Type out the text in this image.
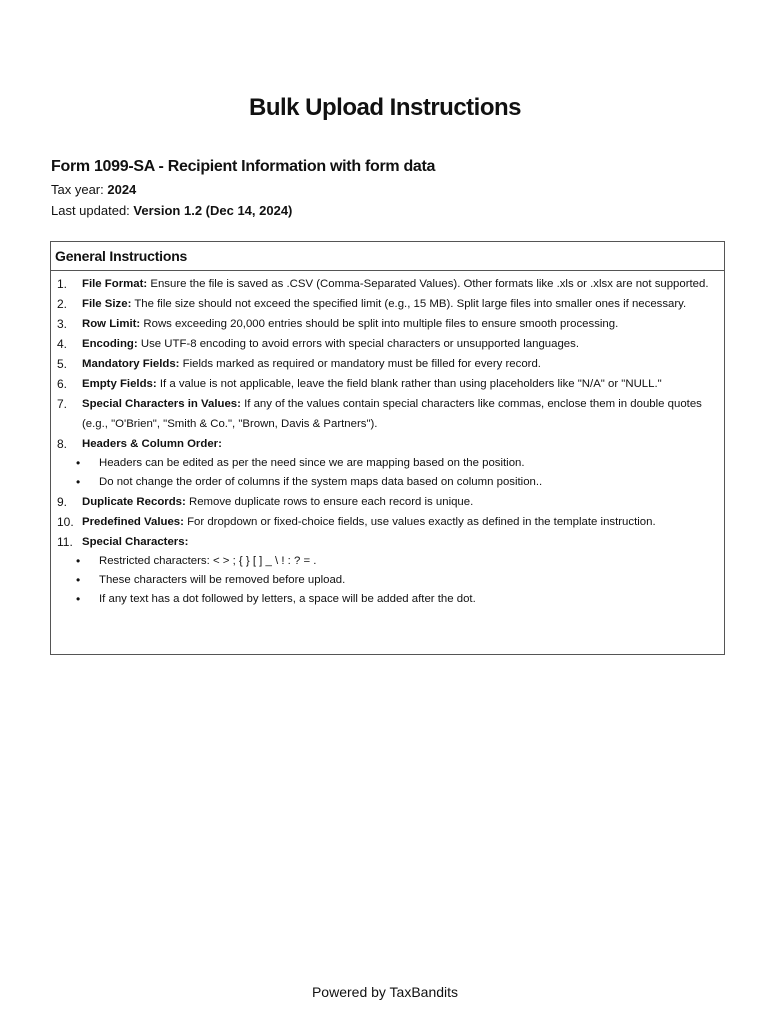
Bulk Upload Instructions
Form 1099-SA - Recipient Information with form data
Tax year: 2024
Last updated: Version 1.2 (Dec 14, 2024)
General Instructions
1. File Format: Ensure the file is saved as .CSV (Comma-Separated Values). Other formats like .xls or .xlsx are not supported.
2. File Size: The file size should not exceed the specified limit (e.g., 15 MB). Split large files into smaller ones if necessary.
3. Row Limit: Rows exceeding 20,000 entries should be split into multiple files to ensure smooth processing.
4. Encoding: Use UTF-8 encoding to avoid errors with special characters or unsupported languages.
5. Mandatory Fields: Fields marked as required or mandatory must be filled for every record.
6. Empty Fields: If a value is not applicable, leave the field blank rather than using placeholders like "N/A" or "NULL."
7. Special Characters in Values: If any of the values contain special characters like commas, enclose them in double quotes (e.g., "O'Brien", "Smith & Co.", "Brown, Davis & Partners").
8. Headers & Column Order:
• Headers can be edited as per the need since we are mapping based on the position.
• Do not change the order of columns if the system maps data based on column position..
9. Duplicate Records: Remove duplicate rows to ensure each record is unique.
10. Predefined Values: For dropdown or fixed-choice fields, use values exactly as defined in the template instruction.
11. Special Characters:
• Restricted characters: < > ; { } [ ] _ \ ! : ? = .
• These characters will be removed before upload.
• If any text has a dot followed by letters, a space will be added after the dot.
Powered by TaxBandits
